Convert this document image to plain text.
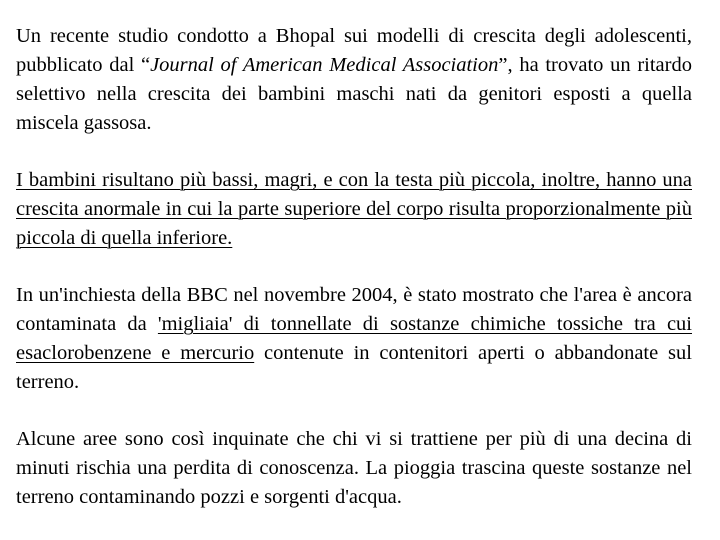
Un recente studio condotto a Bhopal sui modelli di crescita degli adolescenti, pubblicato dal “Journal of American Medical Association”, ha trovato un ritardo selettivo nella crescita dei bambini maschi nati da genitori esposti a quella miscela gassosa.

I bambini risultano più bassi, magri, e con la testa più piccola, inoltre, hanno una crescita anormale in cui la parte superiore del corpo risulta proporzionalmente più piccola di quella inferiore.

In un'inchiesta della BBC nel novembre 2004, è stato mostrato che l'area è ancora contaminata da 'migliaia' di tonnellate di sostanze chimiche tossiche tra cui esaclorobenzene e mercurio contenute in contenitori aperti o abbandonate sul terreno.

Alcune aree sono così inquinate che chi vi si trattiene per più di una decina di minuti rischia una perdita di conoscenza. La pioggia trascina queste sostanze nel terreno contaminando pozzi e sorgenti d'acqua.
